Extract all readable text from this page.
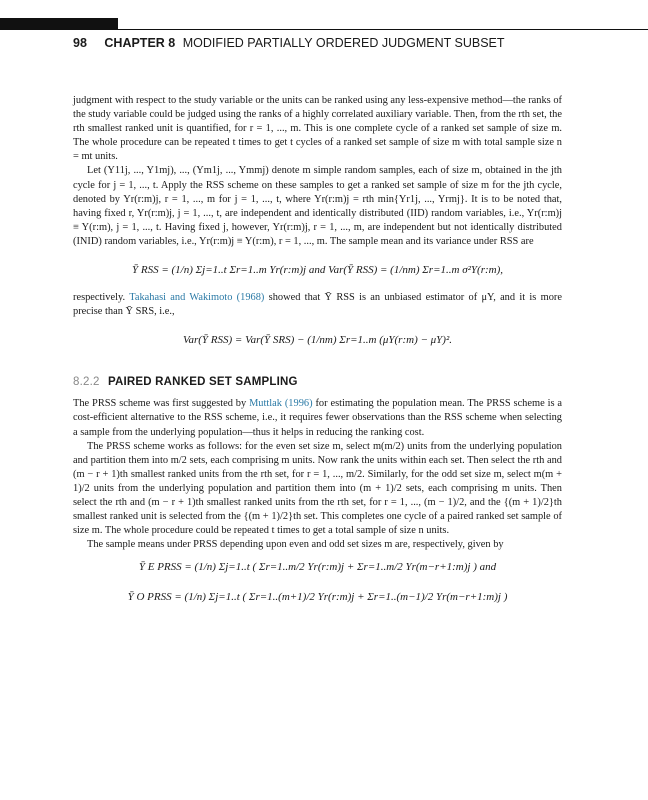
98 CHAPTER 8 MODIFIED PARTIALLY ORDERED JUDGMENT SUBSET

judgment with respect to the study variable or the units can be ranked using any less-expensive method—the ranks of the study variable could be judged using the ranks of a highly correlated auxiliary variable. Then, from the rth set, the rth smallest ranked unit is quantified, for r = 1, ..., m. This is one complete cycle of a ranked set sample of size m. The whole procedure can be repeated t times to get t cycles of a ranked set sample of size m with total sample size n = mt units.

Let (Y11j, ..., Y1mj), ..., (Ym1j, ..., Ymmj) denote m simple random samples, each of size m, obtained in the jth cycle for j = 1, ..., t. Apply the RSS scheme on these samples to get a ranked set sample of size m for the jth cycle, denoted by Yr(r:m)j, r = 1, ..., m for j = 1, ..., t, where Yr(r:m)j = rth min{Yr1j, ..., Yrmj}. It is to be noted that, having fixed r, Yr(r:m)j, j = 1, ..., t, are independent and identically distributed (IID) random variables, i.e., Yr(r:m)j ≡ Y(r:m), j = 1, ..., t. Having fixed j, however, Yr(r:m)j, r = 1, ..., m, are independent but not identically distributed (INID) random variables, i.e., Yr(r:m)j ≡ Y(r:m), r = 1, ..., m. The sample mean and its variance under RSS are

Ȳ RSS = (1/n) Σj=1..t Σr=1..m Yr(r:m)j and Var(Ȳ RSS) = (1/nm) Σr=1..m σ²Y(r:m),

respectively. Takahasi and Wakimoto (1968) showed that Ȳ RSS is an unbiased estimator of μY, and it is more precise than Ȳ SRS, i.e.,

Var(Ȳ RSS) = Var(Ȳ SRS) − (1/nm) Σr=1..m (μY(r:m) − μY)².
8.2.2 PAIRED RANKED SET SAMPLING

The PRSS scheme was first suggested by Muttlak (1996) for estimating the population mean. The PRSS scheme is a cost-efficient alternative to the RSS scheme, i.e., it requires fewer observations than the RSS scheme when selecting a sample from the underlying population—thus it helps in reducing the ranking cost.

The PRSS scheme works as follows: for the even set size m, select m(m/2) units from the underlying population and partition them into m/2 sets, each comprising m units. Now rank the units within each set. Then select the rth and (m − r + 1)th smallest ranked units from the rth set, for r = 1, ..., m/2. Similarly, for the odd set size m, select m(m + 1)/2 units from the underlying population and partition them into (m + 1)/2 sets, each comprising m units. Then select the rth and (m − r + 1)th smallest ranked units from the rth set, for r = 1, ..., (m − 1)/2, and the {(m + 1)/2}th smallest ranked unit is selected from the {(m + 1)/2}th set. This completes one cycle of a paired ranked set sample of size m. The whole procedure could be repeated t times to get a total sample of size n units.

The sample means under PRSS depending upon even and odd set sizes m are, respectively, given by

Ȳ E PRSS = (1/n) Σj=1..t ( Σr=1..m/2 Yr(r:m)j + Σr=1..m/2 Yr(m−r+1:m)j ) and
Ȳ O PRSS = (1/n) Σj=1..t ( Σr=1..(m+1)/2 Yr(r:m)j + Σr=1..(m−1)/2 Yr(m−r+1:m)j )
